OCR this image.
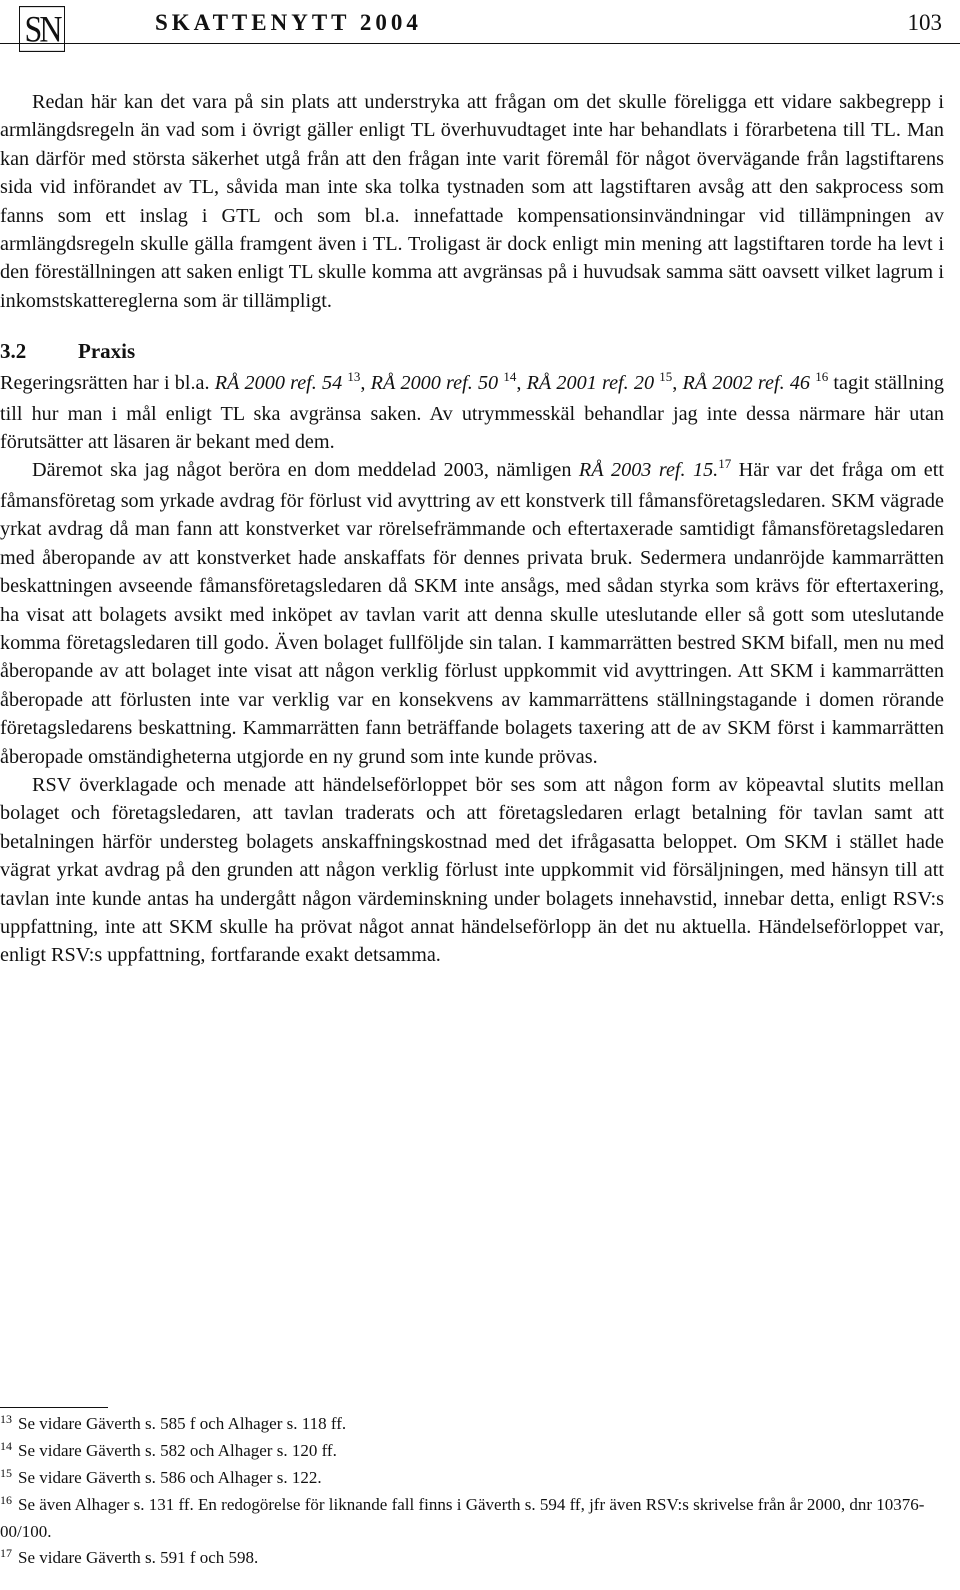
SN	SKATTENYTT 2004	103

Redan här kan det vara på sin plats att understryka att frågan om det skulle föreligga ett vidare sakbegrepp i armlängdsregeln än vad som i övrigt gäller enligt TL överhuvudtaget inte har behandlats i förarbetena till TL. Man kan därför med största säkerhet utgå från att den frågan inte varit föremål för något övervägande från lagstiftarens sida vid införandet av TL, såvida man inte ska tolka tystnaden som att lagstiftaren avsåg att den sakprocess som fanns som ett inslag i GTL och som bl.a. innefattade kompensationsinvändningar vid tillämpningen av armlängdsregeln skulle gälla framgent även i TL. Troligast är dock enligt min mening att lagstiftaren torde ha levt i den föreställningen att saken enligt TL skulle komma att avgränsas på i huvudsak samma sätt oavsett vilket lagrum i inkomstskattereglerna som är tillämpligt.

3.2 Praxis

Regeringsrätten har i bl.a. RÅ 2000 ref. 54 $^{13}$, RÅ 2000 ref. 50 $^{14}$, RÅ 2001 ref. 20 $^{15}$, RÅ 2002 ref. 46 $^{16}$ tagit ställning till hur man i mål enligt TL ska avgränsa saken. Av utrymmesskäl behandlar jag inte dessa närmare här utan förutsätter att läsaren är bekant med dem.

Däremot ska jag något beröra en dom meddelad 2003, nämligen RÅ 2003 ref. 15.17 Här var det fråga om ett fåmansföretag som yrkade avdrag för förlust vid avyttring av ett konstverk till fåmansföretagsledaren. SKM vägrade yrkat avdrag då man fann att konstverket var rörelsefrämmande och eftertaxerade samtidigt fåmansföretagsledaren med åberopande av att konstverket hade anskaffats för dennes privata bruk. Sedermera undanröjde kammarrätten beskattningen avseende fåmansföretagsledaren då SKM inte ansågs, med sådan styrka som krävs för eftertaxering, ha visat att bolagets avsikt med inköpet av tavlan varit att denna skulle uteslutande eller så gott som uteslutande komma företagsledaren till godo. Även bolaget fullföljde sin talan. I kammarrätten bestred SKM bifall, men nu med åberopande av att bolaget inte visat att någon verklig förlust uppkommit vid avyttringen. Att SKM i kammarrätten åberopade att förlusten inte var verklig var en konsekvens av kammarrättens ställningstagande i domen rörande företagsledarens beskattning. Kammarrätten fann beträffande bolagets taxering att de av SKM först i kammarrätten åberopade omständigheterna utgjorde en ny grund som inte kunde prövas.

RSV överklagade och menade att händelseförloppet bör ses som att någon form av köpeavtal slutits mellan bolaget och företagsledaren, att tavlan traderats och att företagsledaren erlagt betalning för tavlan samt att betalningen härför understeg bolagets anskaffningskostnad med det ifrågasatta beloppet. Om SKM i stället hade vägrat yrkat avdrag på den grunden att någon verklig förlust inte uppkommit vid försäljningen, med hänsyn till att tavlan inte kunde antas ha undergått någon värdeminskning under bolagets innehavstid, innebar detta, enligt RSV:s uppfattning, inte att SKM skulle ha prövat något annat händelseförlopp än det nu aktuella. Händelseförloppet var, enligt RSV:s uppfattning, fortfarande exakt detsamma.

$^{13}$ Se vidare Gäverth s. 585 f och Alhager s. 118 ff.

$^{14}$ Se vidare Gäverth s. 582 och Alhager s. 120 ff.

$^{15}$ Se vidare Gäverth s. 586 och Alhager s. 122.

$^{16}$ Se även Alhager s. 131 ff. En redogörelse för liknande fall finns i Gäverth s. 594 ff, jfr även RSV:s skrivelse från år 2000, dnr 10376-00/100.

$^{17}$ Se vidare Gäverth s. 591 f och 598.
